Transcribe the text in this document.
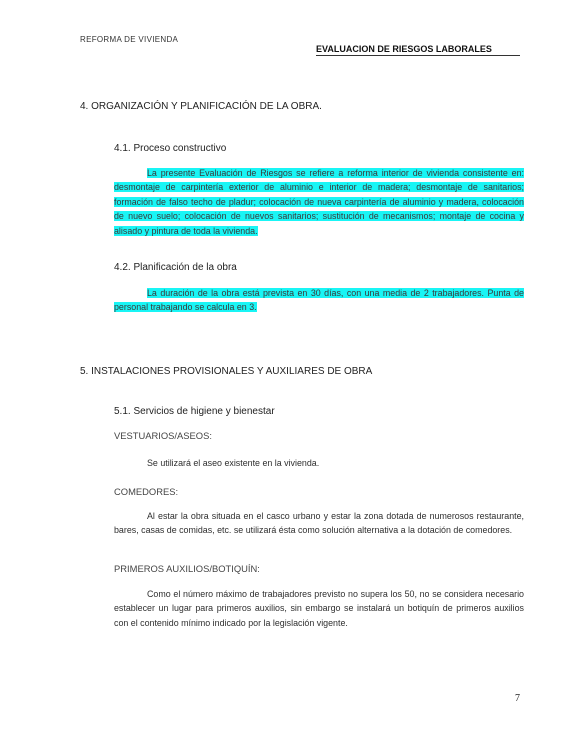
REFORMA DE VIVIENDA
EVALUACION DE RIESGOS LABORALES
4. ORGANIZACIÓN Y PLANIFICACIÓN DE LA OBRA.
4.1. Proceso constructivo
La presente Evaluación de Riesgos se refiere a reforma interior de vivienda consistente en: desmontaje de carpintería exterior de aluminio e interior de madera; desmontaje de sanitarios; formación de falso techo de pladur; colocación de nueva carpintería de aluminio y madera, colocación de nuevo suelo; colocación de nuevos sanitarios; sustitución de mecanismos; montaje de cocina y alisado y pintura de toda la vivienda.
4.2. Planificación de la obra
La duración de la obra está prevista en 30 días, con una media de 2 trabajadores. Punta de personal trabajando se calcula en 3.
5. INSTALACIONES PROVISIONALES Y AUXILIARES DE OBRA
5.1. Servicios de higiene y bienestar
VESTUARIOS/ASEOS:
Se utilizará el aseo existente en la vivienda.
COMEDORES:
Al estar la obra situada en el casco urbano y estar la zona dotada de numerosos restaurante, bares, casas de comidas, etc. se utilizará ésta como solución alternativa a la dotación de comedores.
PRIMEROS AUXILIOS/BOTIQUÍN:
Como el número máximo de trabajadores previsto no supera los 50, no se considera necesario establecer un lugar para primeros auxilios, sin embargo se instalará un botiquín de primeros auxilios con el contenido mínimo indicado por la legislación vigente.
7
